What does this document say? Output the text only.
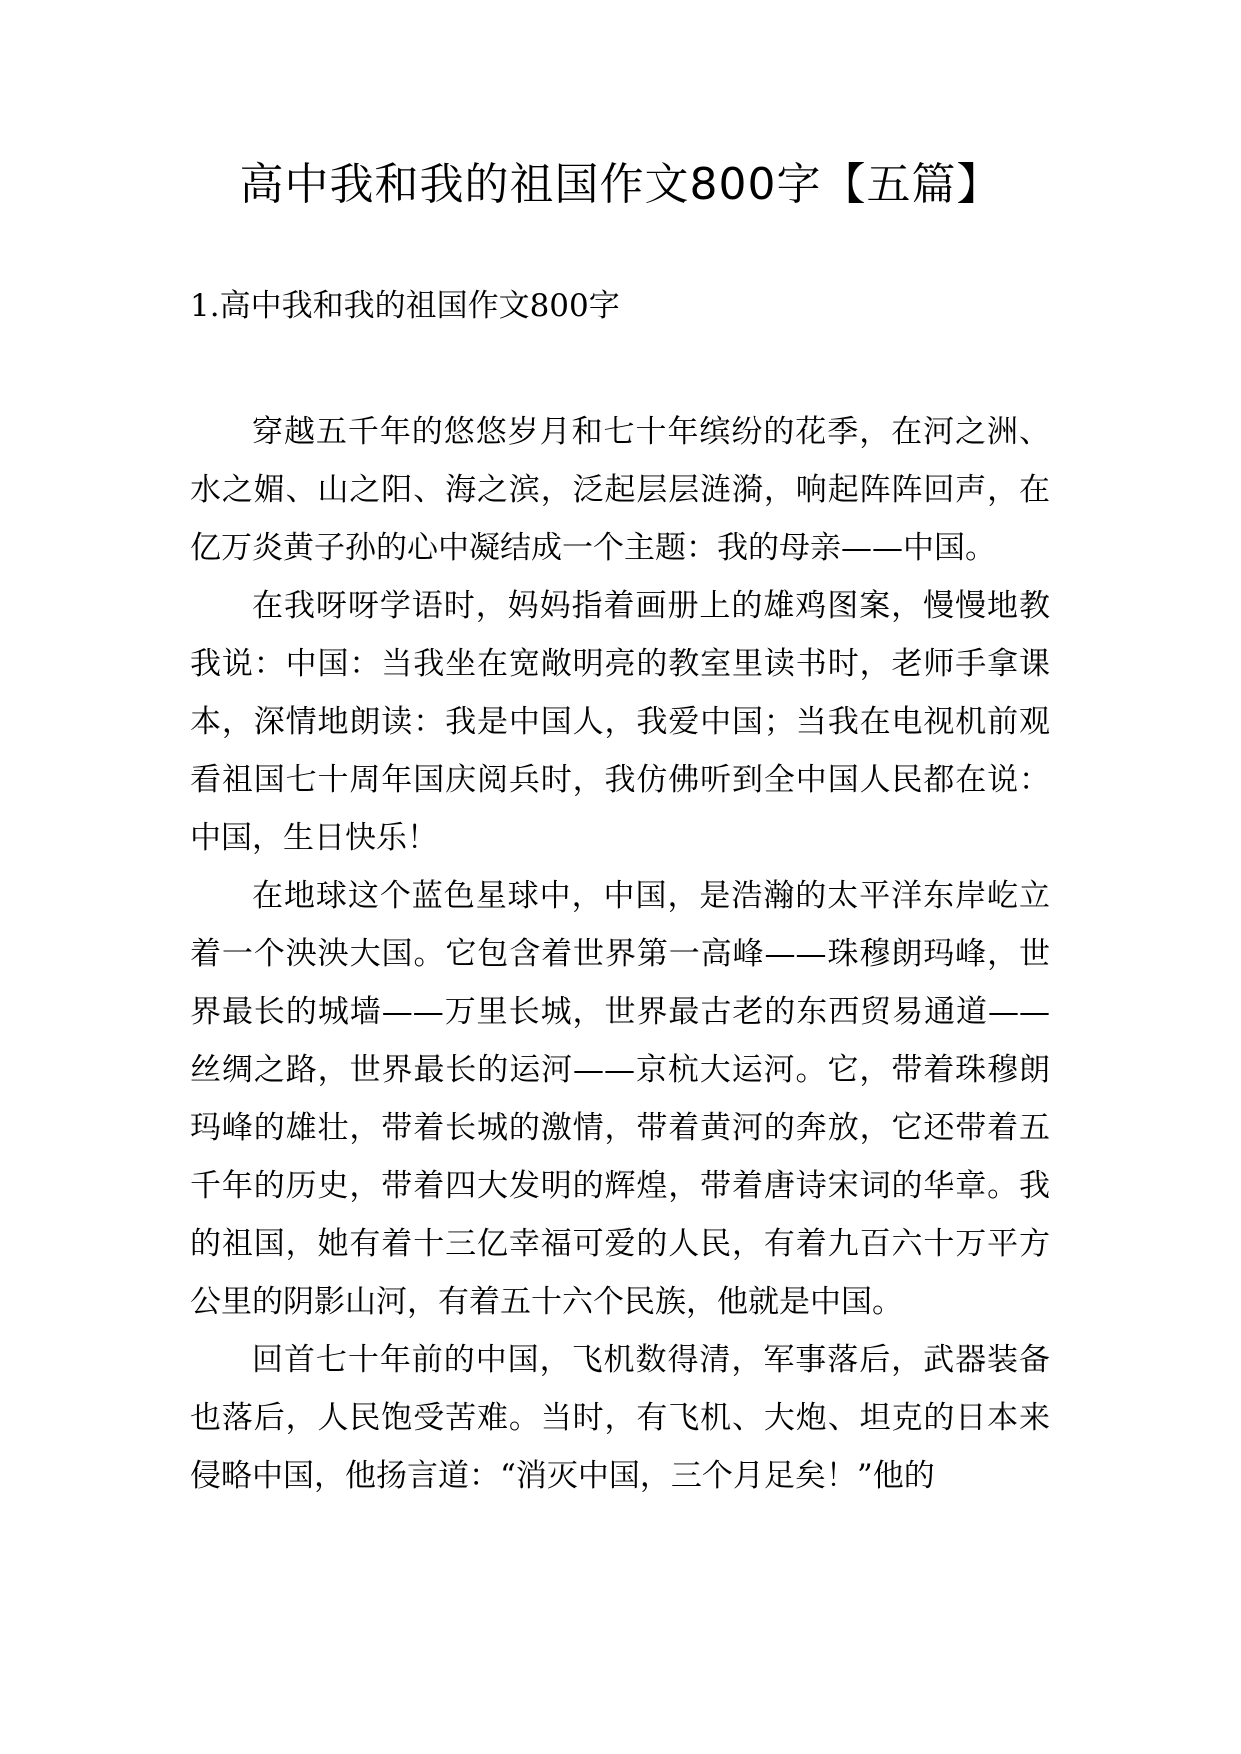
高中我和我的祖国作文800字【五篇】
1.高中我和我的祖国作文800字

穿越五千年的悠悠岁月和七十年缤纷的花季，在河之洲、水之媚、山之阳、海之滨，泛起层层涟漪，响起阵阵回声，在亿万炎黄子孙的心中凝结成一个主题：我的母亲——中国。

在我呀呀学语时，妈妈指着画册上的雄鸡图案，慢慢地教我说：中国：当我坐在宽敞明亮的教室里读书时，老师手拿课本，深情地朗读：我是中国人，我爱中国；当我在电视机前观看祖国七十周年国庆阅兵时，我仿佛听到全中国人民都在说：中国，生日快乐！

在地球这个蓝色星球中，中国，是浩瀚的太平洋东岸屹立着一个泱泱大国。它包含着世界第一高峰——珠穆朗玛峰，世界最长的城墙——万里长城，世界最古老的东西贸易通道——丝绸之路，世界最长的运河——京杭大运河。它，带着珠穆朗玛峰的雄壮，带着长城的激情，带着黄河的奔放，它还带着五千年的历史，带着四大发明的辉煌，带着唐诗宋词的华章。我的祖国，她有着十三亿幸福可爱的人民，有着九百六十万平方公里的阴影山河，有着五十六个民族，他就是中国。

回首七十年前的中国，飞机数得清，军事落后，武器装备也落后，人民饱受苦难。当时，有飞机、大炮、坦克的日本来侵略中国，他扬言道：“消灭中国，三个月足矣！”他的
